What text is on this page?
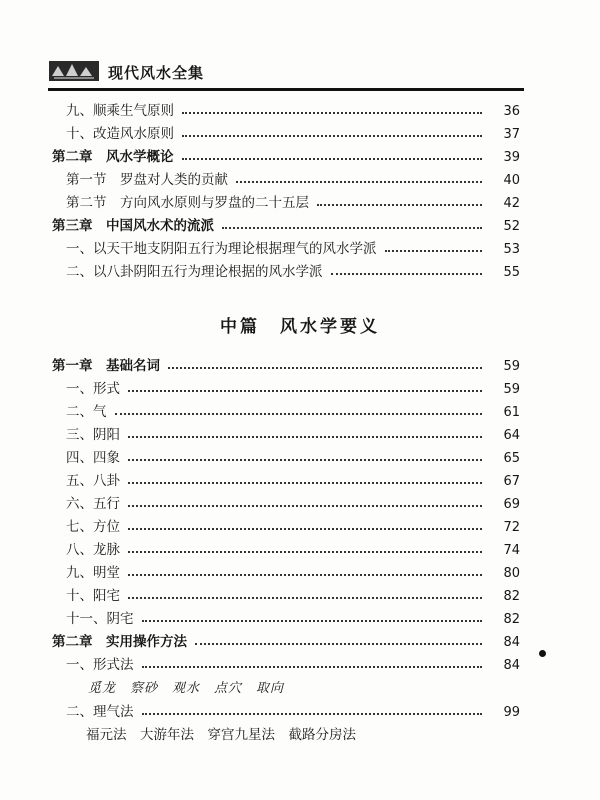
现代风水全集
九、顺乘生气原则	36
十、改造风水原则	37
第二章　风水学概论	39
第一节　罗盘对人类的贡献	40
第二节　方向风水原则与罗盘的二十五层	42
第三章　中国风水术的流派	52
一、以天干地支阴阳五行为理论根据理气的风水学派	53
二、以八卦阴阳五行为理论根据的风水学派	55
中篇　风水学要义
第一章　基础名词	59
一、形式	59
二、气	61
三、阴阳	64
四、四象	65
五、八卦	67
六、五行	69
七、方位	72
八、龙脉	74
九、明堂	80
十、阳宅	82
十一、阴宅	82
第二章　实用操作方法	84
一、形式法	84
觅龙　察砂　观水　点穴　取向
二、理气法	99
福元法　大游年法　穿宫九星法　截路分房法
